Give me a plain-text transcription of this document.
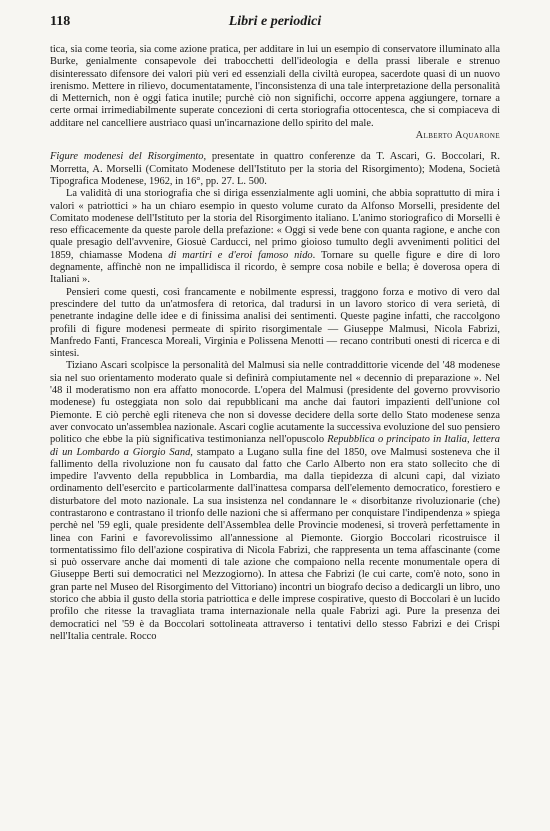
118	Libri e periodici

tica, sia come teoria, sia come azione pratica, per additare in lui un esempio di conservatore illuminato alla Burke, genialmente consapevole dei trabocchetti dell'ideologia e della prassi liberale e strenuo disinteressato difensore dei valori più veri ed essenziali della civiltà europea, sacerdote quasi di un nuovo irenismo. Mettere in rilievo, documentatamente, l'inconsistenza di una tale interpretazione della personalità di Metternich, non è oggi fatica inutile; purchè ciò non significhi, occorre appena aggiungere, tornare a certe ormai irrimediabilmente superate concezioni di certa storiografia ottocentesca, che si compiaceva di additare nel cancelliere austriaco quasi un'incarnazione dello spirito del male.

Alberto Aquarone

Figure modenesi del Risorgimento, presentate in quattro conferenze da T. Ascari, G. Boccolari, R. Morretta, A. Morselli (Comitato Modenese dell'Istituto per la storia del Risorgimento); Modena, Società Tipografica Modenese, 1962, in 16°, pp. 27. L. 500.

La validità di una storiografia che si diriga essenzialmente agli uomini, che abbia soprattutto di mira i valori « patriottici » ha un chiaro esempio in questo volume curato da Alfonso Morselli, presidente del Comitato modenese dell'Istituto per la storia del Risorgimento italiano. L'animo storiografico di Morselli è reso efficacemente da queste parole della prefazione: « Oggi si vede bene con quanta ragione, e anche con quale presagio dell'avvenire, Giosuè Carducci, nel primo gioioso tumulto degli avvenimenti politici del 1859, chiamasse Modena di martiri e d'eroi famoso nido. Tornare su quelle figure e dire di loro degnamente, affinchè non ne impallidisca il ricordo, è sempre cosa nobile e bella; è doverosa opera di Italiani ».

Pensieri come questi, così francamente e nobilmente espressi, traggono forza e motivo di vero dal prescindere del tutto da un'atmosfera di retorica, dal tradursi in un lavoro storico di vera serietà, di penetrante indagine delle idee e di finissima analisi dei sentimenti. Queste pagine infatti, che raccolgono profili di figure modenesi permeate di spirito risorgimentale — Giuseppe Malmusi, Nicola Fabrizi, Manfredo Fanti, Francesca Moreali, Virginia e Polissena Menotti — recano contributi onesti di ricerca e di sintesi.

Tiziano Ascari scolpisce la personalità del Malmusi sia nelle contraddittorie vicende del '48 modenese sia nel suo orientamento moderato quale si definirà compiutamente nel « decennio di preparazione ». Nel '48 il moderatismo non era affatto monocorde. L'opera del Malmusi (presidente del governo provvisorio modenese) fu osteggiata non solo dai repubblicani ma anche dai fautori impazienti dell'unione col Piemonte. E ciò perchè egli riteneva che non si dovesse decidere della sorte dello Stato modenese senza aver convocato un'assemblea nazionale. Ascari coglie acutamente la successiva evoluzione del suo pensiero politico che ebbe la più significativa testimonianza nell'opuscolo Repubblica o principato in Italia, lettera di un Lombardo a Giorgio Sand, stampato a Lugano sulla fine del 1850, ove Malmusi sosteneva che il fallimento della rivoluzione non fu causato dal fatto che Carlo Alberto non era stato sollecito che di impedire l'avvento della repubblica in Lombardia, ma dalla tiepidezza di alcuni capi, dal viziato ordinamento dell'esercito e particolarmente dall'inattesa comparsa dell'elemento democratico, forestiero e disturbatore del moto nazionale. La sua insistenza nel condannare le « disorbitanze rivoluzionarie (che) contrastarono e contrastano il trionfo delle nazioni che si affermano per conquistare l'indipendenza » spiega perchè nel '59 egli, quale presidente dell'Assemblea delle Provincie modenesi, si troverà perfettamente in linea con Farini e favorevolissimo all'annessione al Piemonte. Giorgio Boccolari ricostruisce il tormentatissimo filo dell'azione cospirativa di Nicola Fabrizi, che rappresenta un tema affascinante (come si può osservare anche dai momenti di tale azione che compaiono nella recente monumentale opera di Giuseppe Berti sui democratici nel Mezzogiorno). In attesa che Fabrizi (le cui carte, com'è noto, sono in gran parte nel Museo del Risorgimento del Vittoriano) incontri un biografo deciso a dedicargli un libro, uno storico che abbia il gusto della storia patriottica e delle imprese cospirative, questo di Boccolari è un lucido profilo che ritesse la travagliata trama internazionale nella quale Fabrizi agì. Pure la presenza dei democratici nel '59 è da Boccolari sottolineata attraverso i tentativi dello stesso Fabrizi e dei Crispi nell'Italia centrale. Rocco
